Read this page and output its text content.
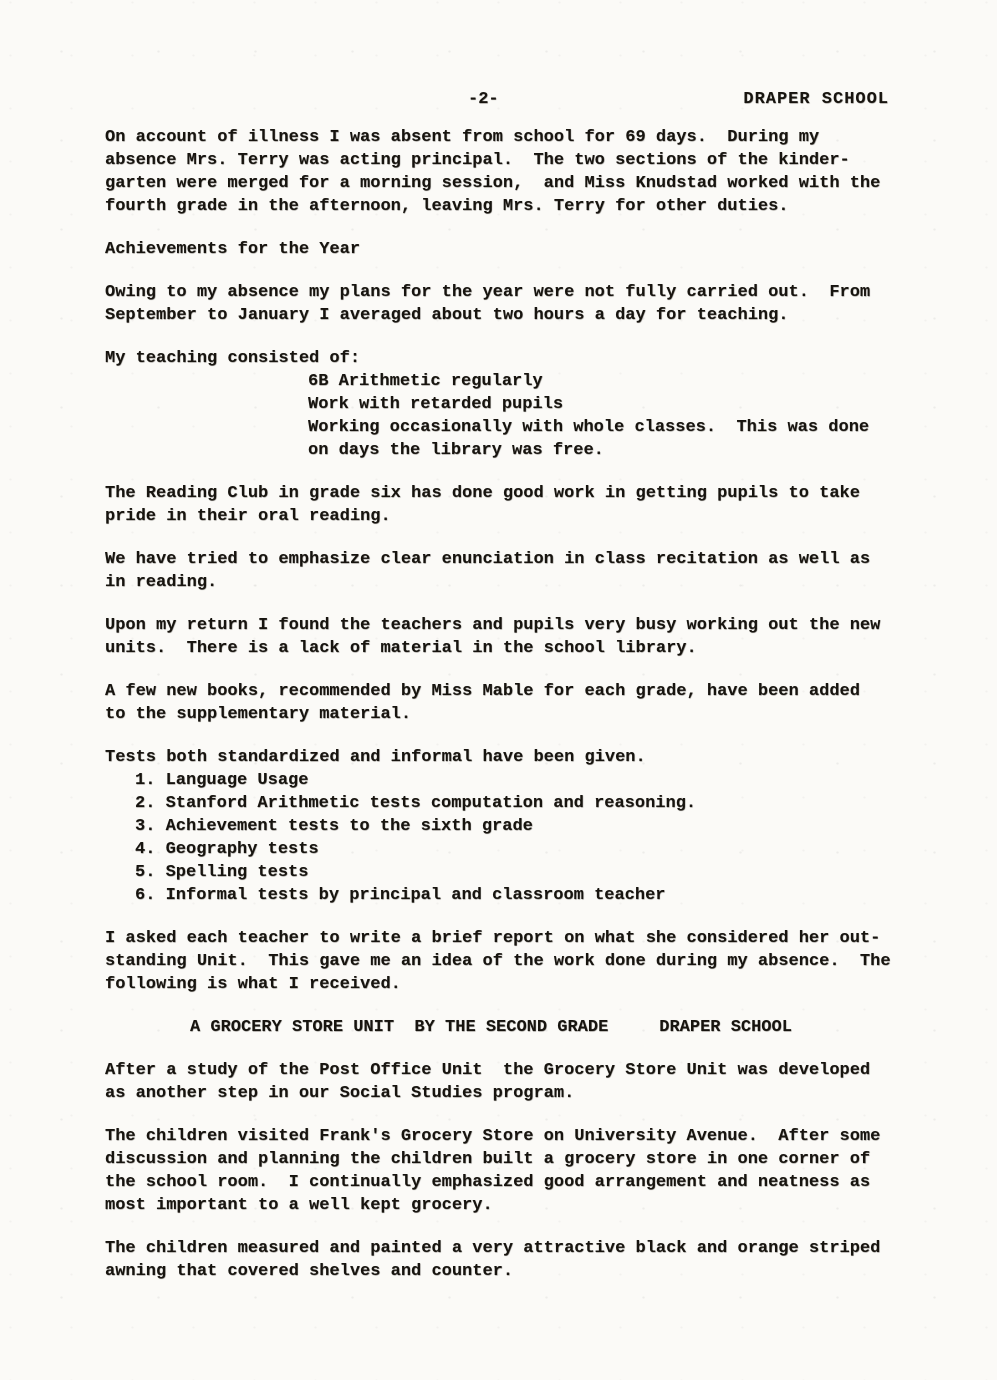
-2-	DRAPER SCHOOL
On account of illness I was absent from school for 69 days.  During my
absence Mrs. Terry was acting principal.  The two sections of the kinder-
garten were merged for a morning session,  and Miss Knudstad worked with the
fourth grade in the afternoon, leaving Mrs. Terry for other duties.
Achievements for the Year
Owing to my absence my plans for the year were not fully carried out.  From
September to January I averaged about two hours a day for teaching.
My teaching consisted of:
6B Arithmetic regularly
Work with retarded pupils
Working occasionally with whole classes.  This was done
on days the library was free.
The Reading Club in grade six has done good work in getting pupils to take
pride in their oral reading.
We have tried to emphasize clear enunciation in class recitation as well as
in reading.
Upon my return I found the teachers and pupils very busy working out the new
units.  There is a lack of material in the school library.
A few new books, recommended by Miss Mable for each grade, have been added
to the supplementary material.
Tests both standardized and informal have been given.
1. Language Usage
2. Stanford Arithmetic tests computation and reasoning.
3. Achievement tests to the sixth grade
4. Geography tests
5. Spelling tests
6. Informal tests by principal and classroom teacher
I asked each teacher to write a brief report on what she considered her out-
standing Unit.  This gave me an idea of the work done during my absence.  The
following is what I received.
A GROCERY STORE UNIT  BY THE SECOND GRADE     DRAPER SCHOOL
After a study of the Post Office Unit  the Grocery Store Unit was developed
as another step in our Social Studies program.
The children visited Frank's Grocery Store on University Avenue.  After some
discussion and planning the children built a grocery store in one corner of
the school room.  I continually emphasized good arrangement and neatness as
most important to a well kept grocery.
The children measured and painted a very attractive black and orange striped
awning that covered shelves and counter.
